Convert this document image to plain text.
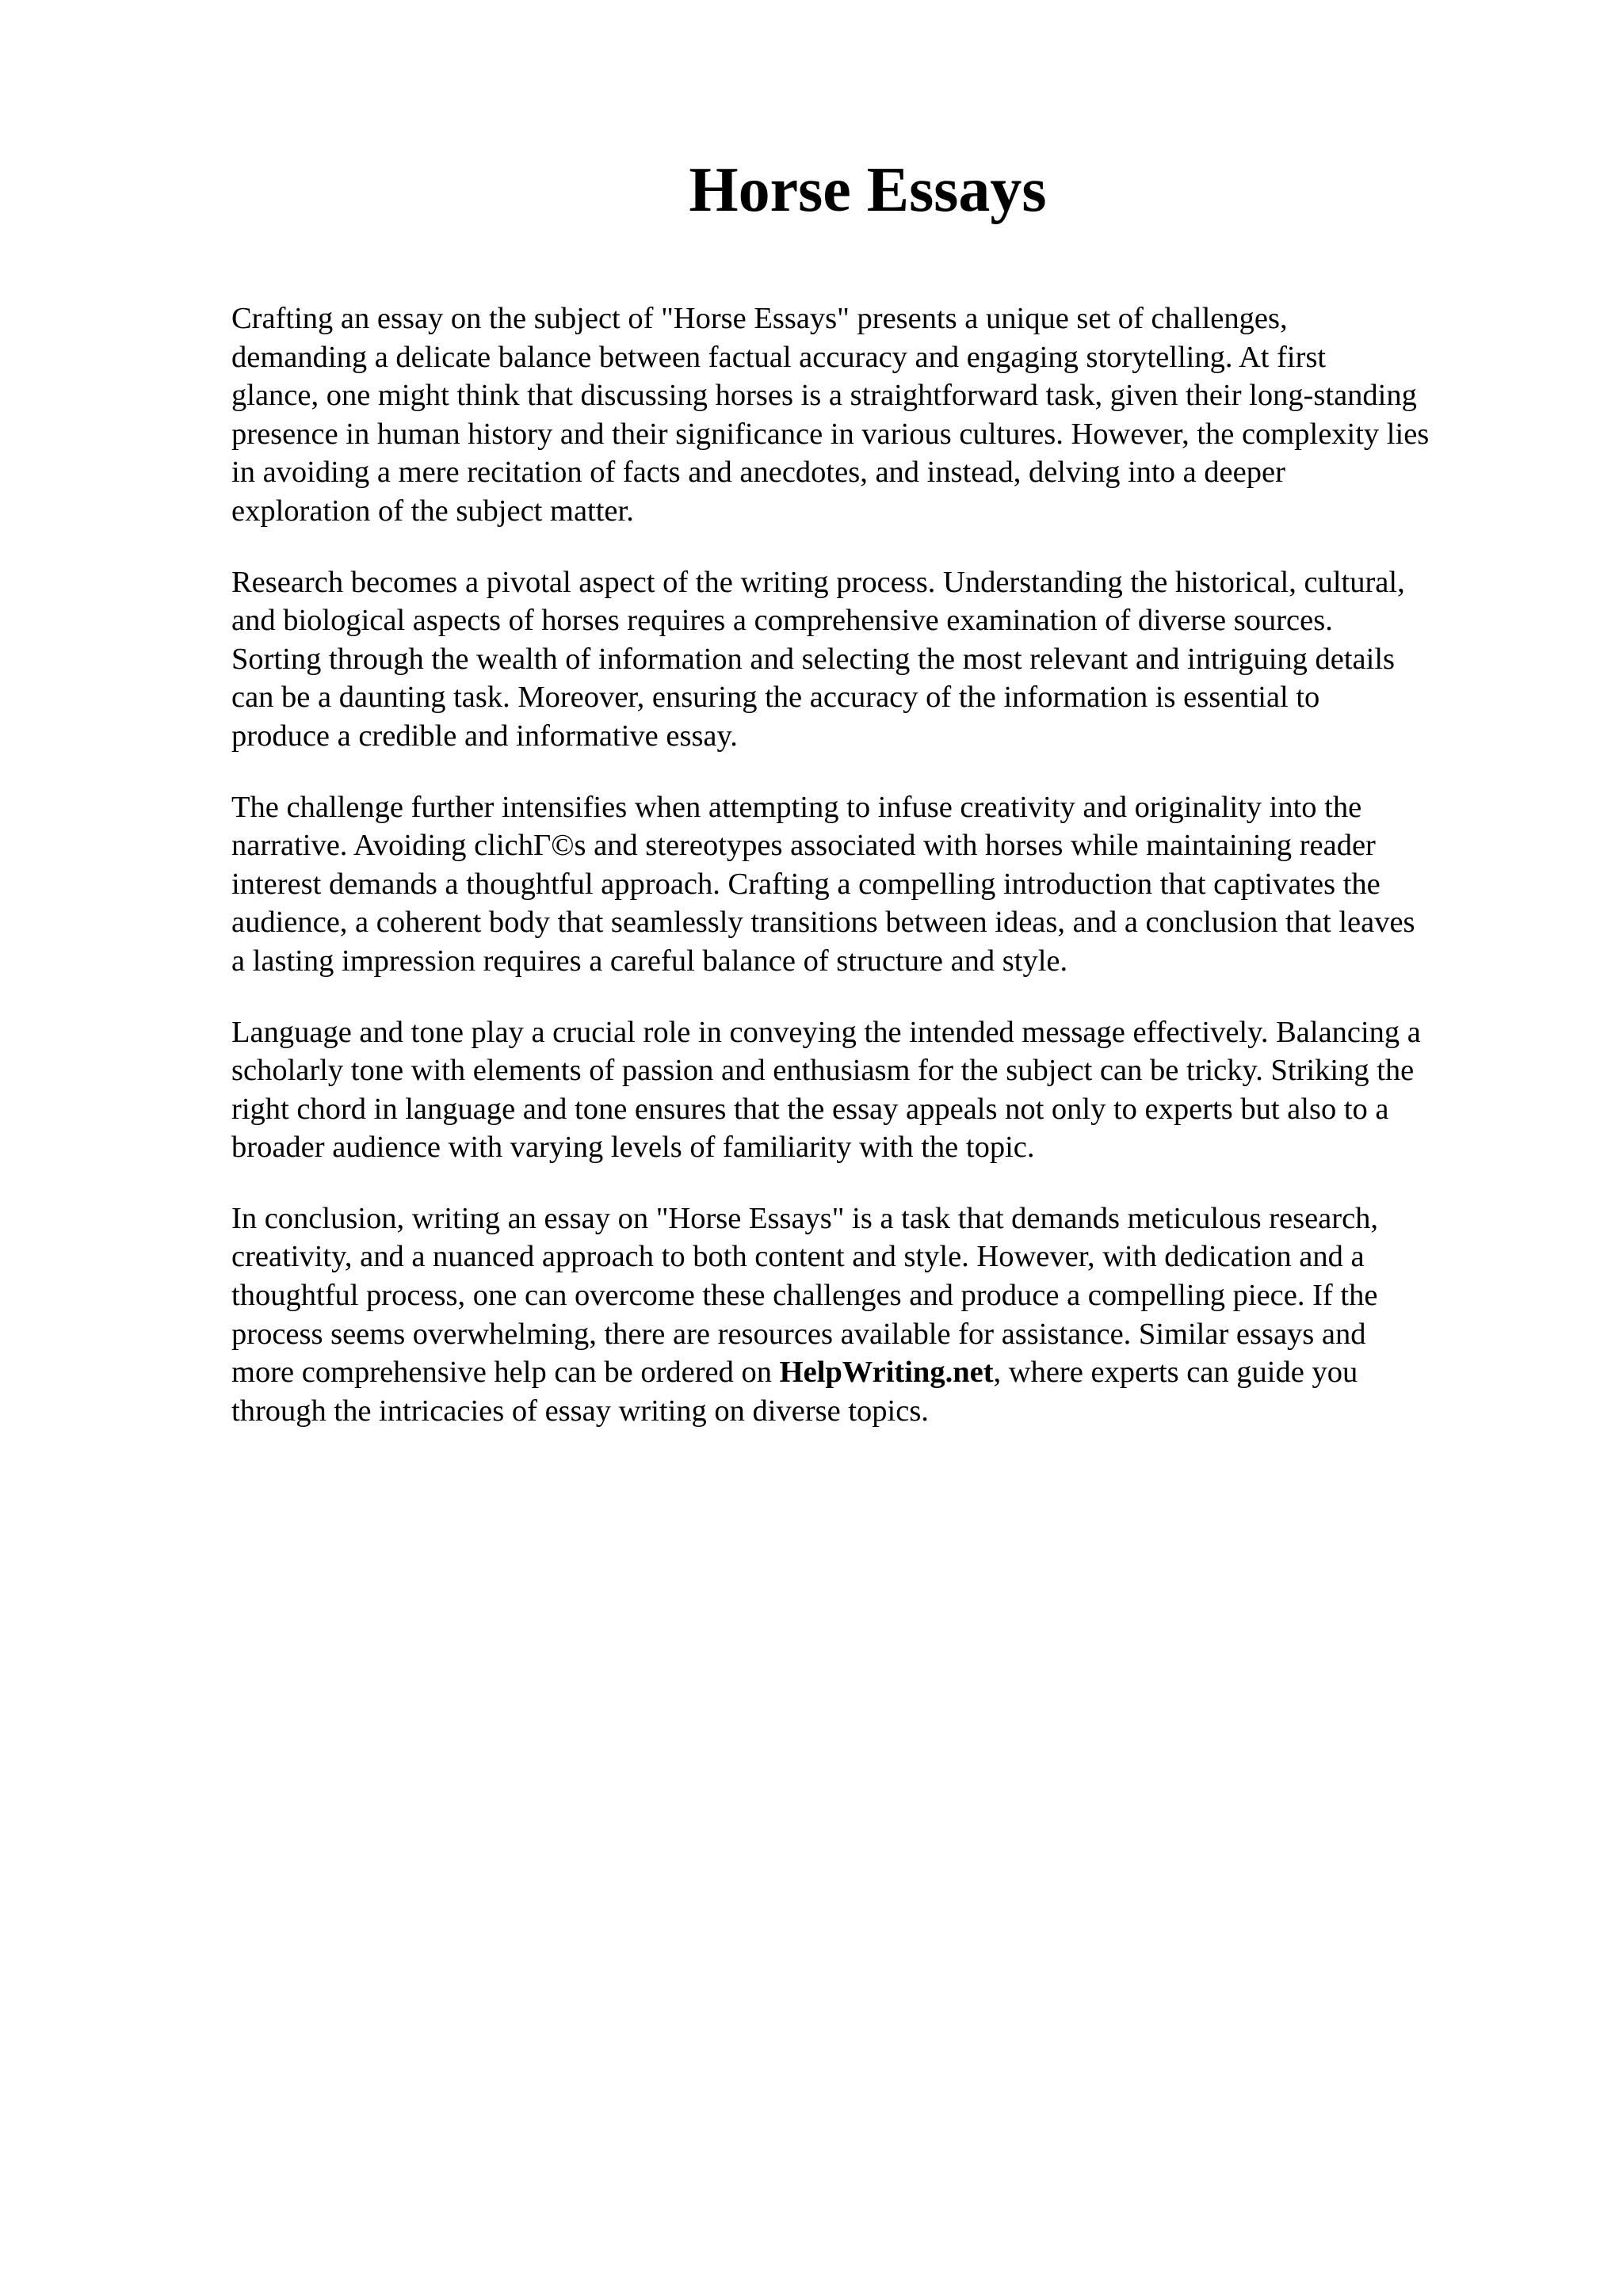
Horse Essays

Crafting an essay on the subject of "Horse Essays" presents a unique set of challenges,
demanding a delicate balance between factual accuracy and engaging storytelling. At first
glance, one might think that discussing horses is a straightforward task, given their long-standing
presence in human history and their significance in various cultures. However, the complexity lies
in avoiding a mere recitation of facts and anecdotes, and instead, delving into a deeper
exploration of the subject matter.

Research becomes a pivotal aspect of the writing process. Understanding the historical, cultural,
and biological aspects of horses requires a comprehensive examination of diverse sources.
Sorting through the wealth of information and selecting the most relevant and intriguing details
can be a daunting task. Moreover, ensuring the accuracy of the information is essential to
produce a credible and informative essay.

The challenge further intensifies when attempting to infuse creativity and originality into the
narrative. Avoiding clichГ©s and stereotypes associated with horses while maintaining reader
interest demands a thoughtful approach. Crafting a compelling introduction that captivates the
audience, a coherent body that seamlessly transitions between ideas, and a conclusion that leaves
a lasting impression requires a careful balance of structure and style.

Language and tone play a crucial role in conveying the intended message effectively. Balancing a
scholarly tone with elements of passion and enthusiasm for the subject can be tricky. Striking the
right chord in language and tone ensures that the essay appeals not only to experts but also to a
broader audience with varying levels of familiarity with the topic.

In conclusion, writing an essay on "Horse Essays" is a task that demands meticulous research,
creativity, and a nuanced approach to both content and style. However, with dedication and a
thoughtful process, one can overcome these challenges and produce a compelling piece. If the
process seems overwhelming, there are resources available for assistance. Similar essays and
more comprehensive help can be ordered on HelpWriting.net, where experts can guide you
through the intricacies of essay writing on diverse topics.
